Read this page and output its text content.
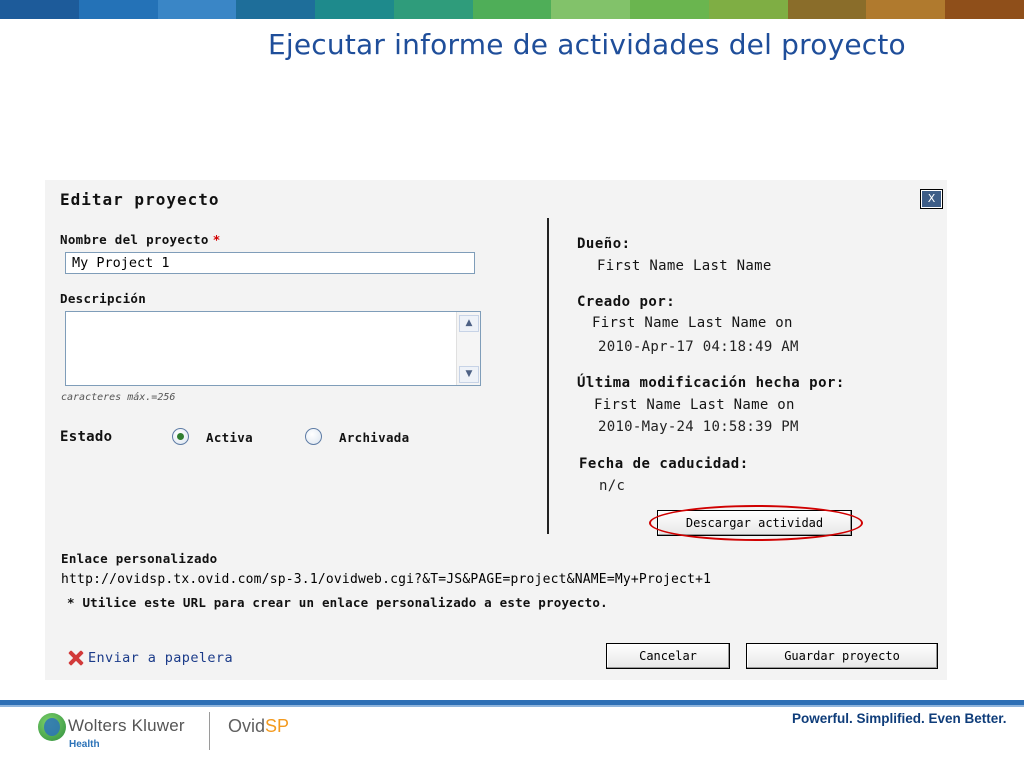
Ejecutar informe de actividades del proyecto
Editar proyecto	X
Nombre del proyecto *
My Project 1
Descripción
▲
▼
caracteres máx.=256
Estado	Activa	Archivada
Dueño:
First Name Last Name
Creado por:
First Name Last Name on
2010-Apr-17 04:18:49 AM
Última modificación hecha por:
First Name Last Name on
2010-May-24 10:58:39 PM
Fecha de caducidad:
n/c
Descargar actividad
Enlace personalizado
http://ovidsp.tx.ovid.com/sp-3.1/ovidweb.cgi?&T=JS&PAGE=project&NAME=My+Project+1
* Utilice este URL para crear un enlace personalizado a este proyecto.
Enviar a papelera	Cancelar	Guardar proyecto
Wolters Kluwer
Health
OvidSP	Powerful. Simplified. Even Better.
